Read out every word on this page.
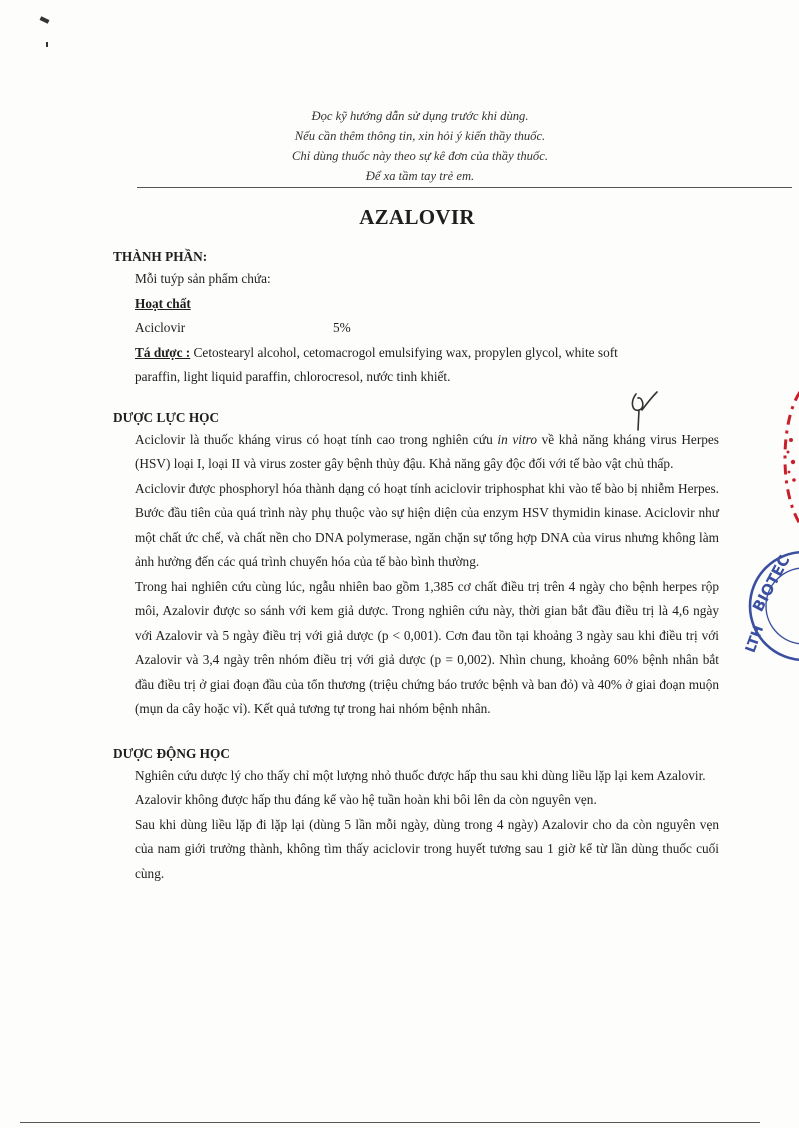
Đọc kỹ hướng dẫn sử dụng trước khi dùng.
Nếu cần thêm thông tin, xin hỏi ý kiến thầy thuốc.
Chỉ dùng thuốc này theo sự kê đơn của thầy thuốc.
Để xa tầm tay trẻ em.
AZALOVIR
THÀNH PHẦN:
Mỗi tuýp sản phẩm chứa:
Hoạt chất
Aciclovir	5%

Tá dược : Cetostearyl alcohol, cetomacrogol emulsifying wax, propylen glycol, white soft
paraffin, light liquid paraffin, chlorocresol, nước tinh khiết.

DƯỢC LỰC HỌC

Aciclovir là thuốc kháng virus có hoạt tính cao trong nghiên cứu in vitro về khả năng kháng virus Herpes (HSV) loại I, loại II và virus zoster gây bệnh thủy đậu. Khả năng gây độc đối với tế bào vật chủ thấp.

Aciclovir được phosphoryl hóa thành dạng có hoạt tính aciclovir triphosphat khi vào tế bào bị nhiễm Herpes. Bước đầu tiên của quá trình này phụ thuộc vào sự hiện diện của enzym HSV thymidin kinase. Aciclovir như một chất ức chế, và chất nền cho DNA polymerase, ngăn chặn sự tổng hợp DNA của virus nhưng không làm ảnh hưởng đến các quá trình chuyển hóa của tế bào bình thường.

Trong hai nghiên cứu cùng lúc, ngẫu nhiên bao gồm 1,385 cơ chất điều trị trên 4 ngày cho bệnh herpes rộp môi, Azalovir được so sánh với kem giả dược. Trong nghiên cứu này, thời gian bắt đầu điều trị là 4,6 ngày với Azalovir và 5 ngày điều trị với giả dược (p < 0,001). Cơn đau tồn tại khoảng 3 ngày sau khi điều trị với Azalovir và 3,4 ngày trên nhóm điều trị với giả dược (p = 0,002). Nhìn chung, khoảng 60% bệnh nhân bắt đầu điều trị ở giai đoạn đầu của tổn thương (triệu chứng báo trước bệnh và ban đỏ) và 40% ở giai đoạn muộn (mụn da cây hoặc vỉ). Kết quả tương tự trong hai nhóm bệnh nhân.

DƯỢC ĐỘNG HỌC

Nghiên cứu dược lý cho thấy chỉ một lượng nhỏ thuốc được hấp thu sau khi dùng liều lặp lại kem Azalovir.

Azalovir không được hấp thu đáng kể vào hệ tuần hoàn khi bôi lên da còn nguyên vẹn.

Sau khi dùng liều lặp đi lặp lại (dùng 5 lần mỗi ngày, dùng trong 4 ngày) Azalovir cho da còn nguyên vẹn của nam giới trưởng thành, không tìm thấy aciclovir trong huyết tương sau 1 giờ kể từ lần dùng thuốc cuối cùng.

BIOTEC
LTH
